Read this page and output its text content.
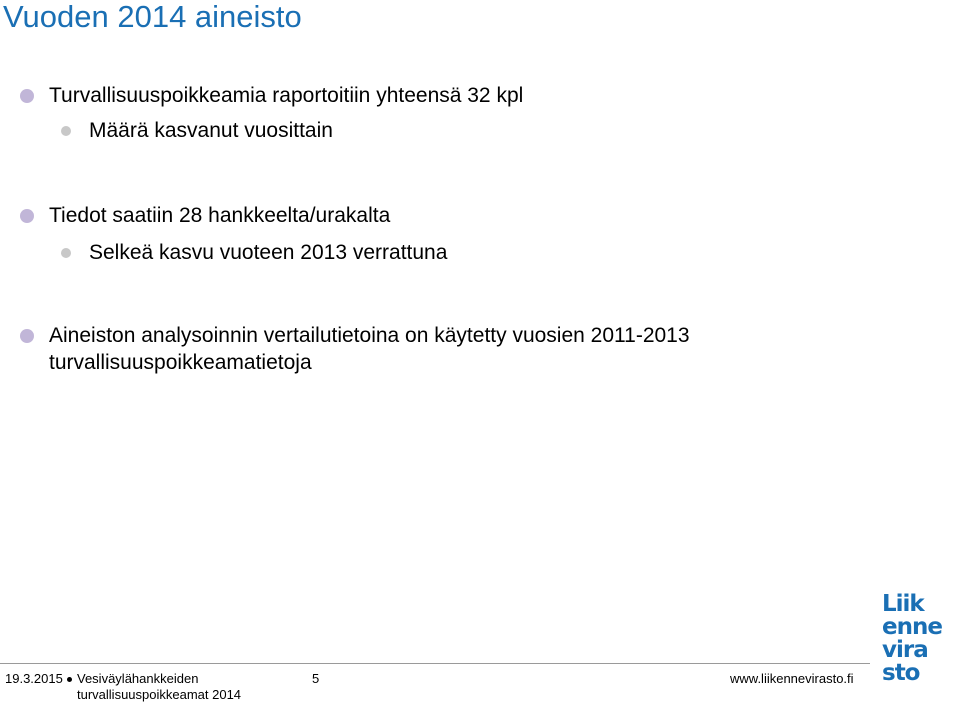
Vuoden 2014 aineisto
Turvallisuuspoikkeamia raportoitiin yhteensä 32 kpl
Määrä kasvanut vuosittain
Tiedot saatiin 28 hankkeelta/urakalta
Selkeä kasvu vuoteen 2013 verrattuna
Aineiston analysoinnin vertailutietoina on käytetty vuosien 2011-2013 turvallisuuspoikkeamatietoja
19.3.2015 Vesiväylähankkeiden
turvallisuuspoikkeamat 2014
5	www.liikennevirasto.fi
Liik
enne
vira
sto
